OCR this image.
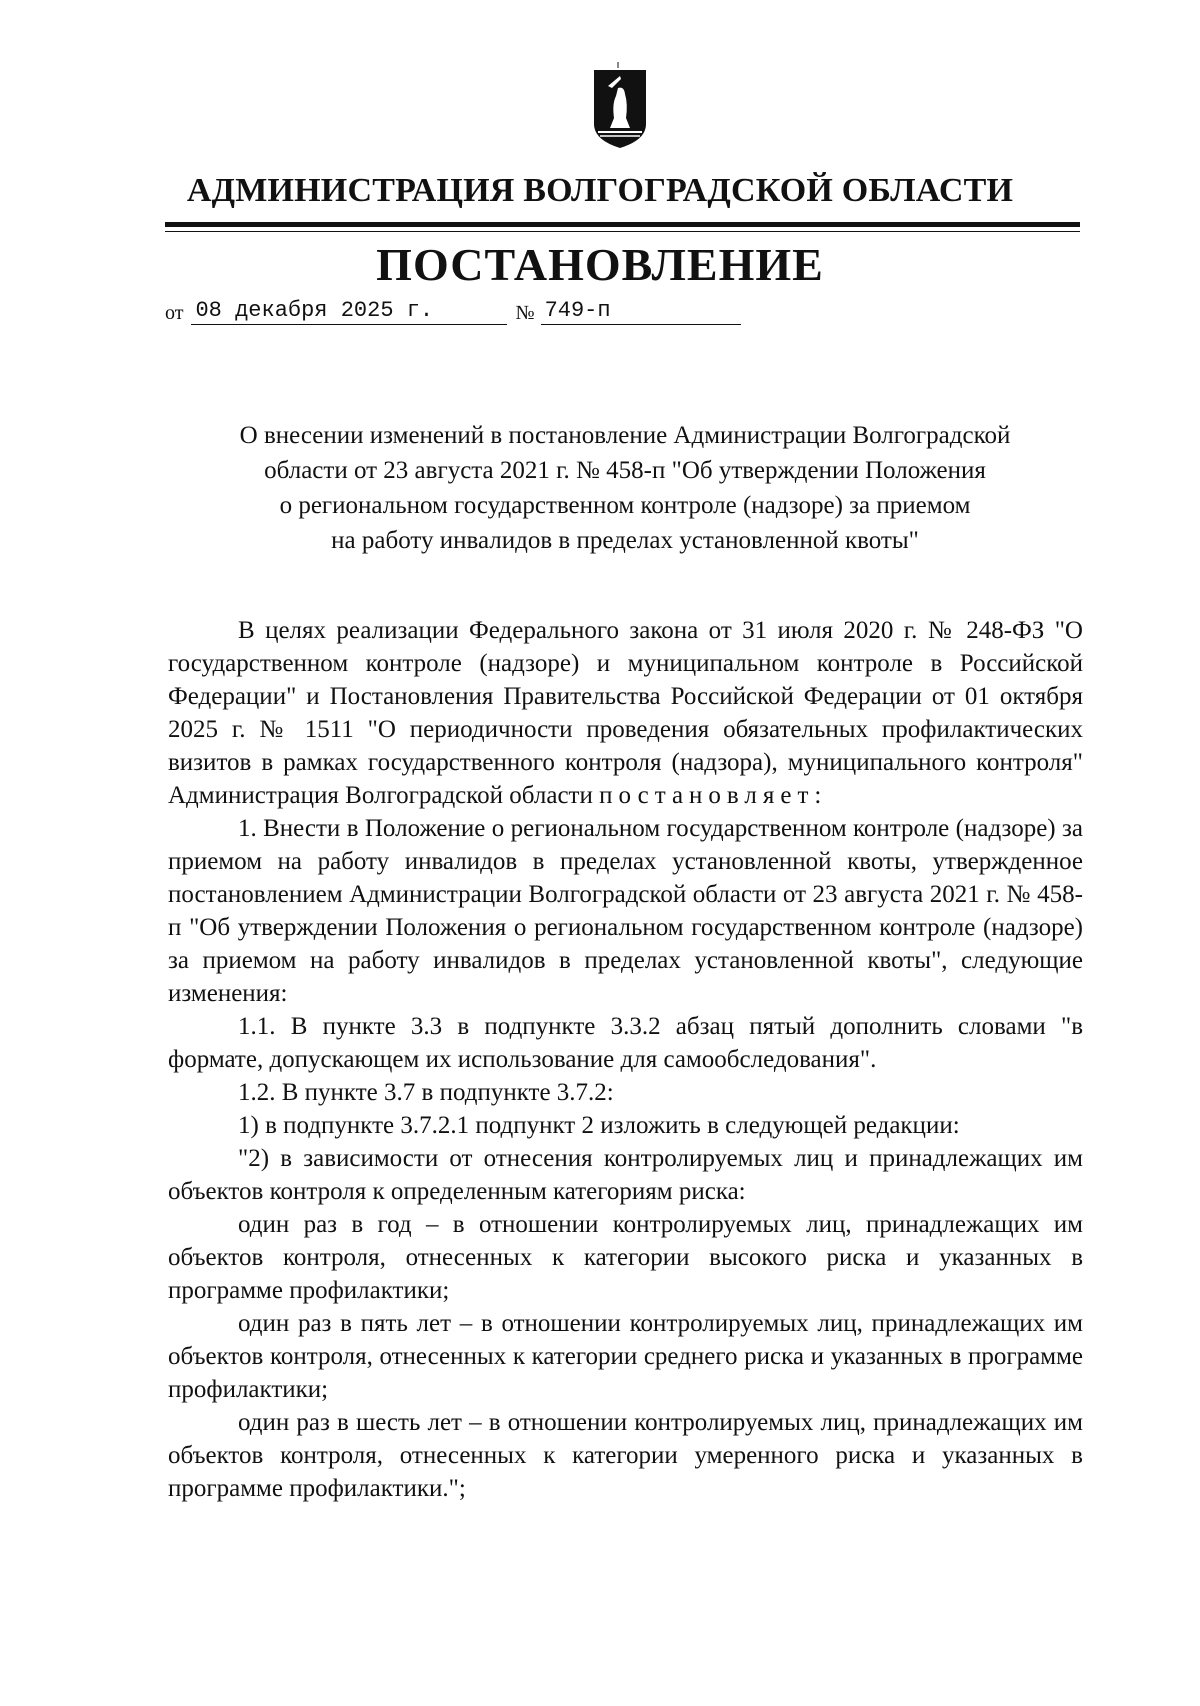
АДМИНИСТРАЦИЯ ВОЛГОГРАДСКОЙ ОБЛАСТИ
ПОСТАНОВЛЕНИЕ
от 08 декабря 2025 г.	№ 749-п

О внесении изменений в постановление Администрации Волгоградской

области от 23 августа 2021 г. № 458-п "Об утверждении Положения

о региональном государственном контроле (надзоре) за приемом

на работу инвалидов в пределах установленной квоты"

В целях реализации Федерального закона от 31 июля 2020 г. № 248-ФЗ "О государственном контроле (надзоре) и муниципальном контроле в Российской Федерации" и Постановления Правительства Российской Федерации от 01 октября 2025 г. № 1511 "О периодичности проведения обязательных профилактических визитов в рамках государственного контроля (надзора), муниципального контроля" Администрация Волгоградской области постановляет:

1. Внести в Положение о региональном государственном контроле (надзоре) за приемом на работу инвалидов в пределах установленной квоты, утвержденное постановлением Администрации Волгоградской области от 23 августа 2021 г. № 458-п "Об утверждении Положения о региональном государственном контроле (надзоре) за приемом на работу инвалидов в пределах установленной квоты", следующие изменения:

1.1. В пункте 3.3 в подпункте 3.3.2 абзац пятый дополнить словами "в формате, допускающем их использование для самообследования".

1.2. В пункте 3.7 в подпункте 3.7.2:

1) в подпункте 3.7.2.1 подпункт 2 изложить в следующей редакции:

"2) в зависимости от отнесения контролируемых лиц и принадлежащих им объектов контроля к определенным категориям риска:

один раз в год – в отношении контролируемых лиц, принадлежащих им объектов контроля, отнесенных к категории высокого риска и указанных в программе профилактики;

один раз в пять лет – в отношении контролируемых лиц, принадлежащих им объектов контроля, отнесенных к категории среднего риска и указанных в программе профилактики;

один раз в шесть лет – в отношении контролируемых лиц, принадлежащих им объектов контроля, отнесенных к категории умеренного риска и указанных в программе профилактики.";
